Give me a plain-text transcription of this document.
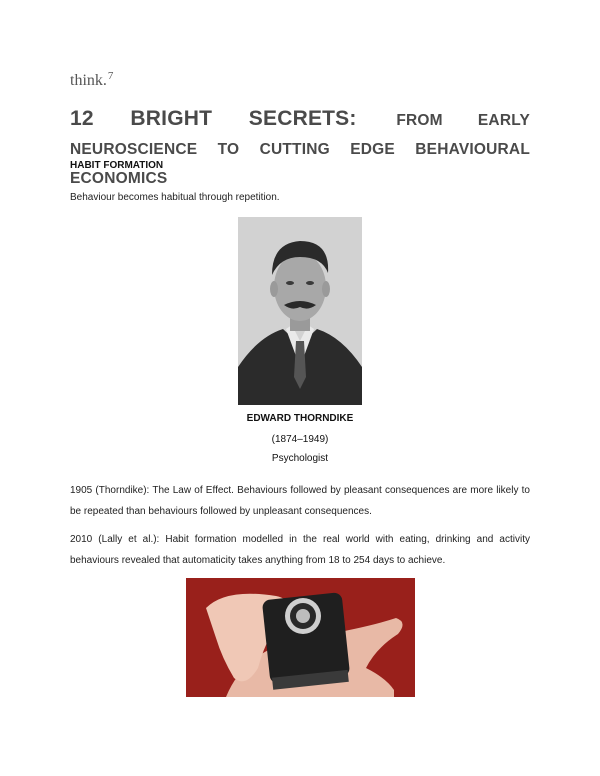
think.$^7$
12 BRIGHT SECRETS:	FROM EARLY NEUROSCIENCE TO CUTTING EDGE BEHAVIOURAL ECONOMICS
HABIT FORMATION

Behaviour becomes habitual through repetition.

EDWARD THORNDIKE

(1874–1949)

Psychologist

1905 (Thorndike): The Law of Effect. Behaviours followed by pleasant consequences are more likely to be repeated than behaviours followed by unpleasant consequences.

2010 (Lally et al.): Habit formation modelled in the real world with eating, drinking and activity behaviours revealed that automaticity takes anything from 18 to 254 days to achieve.
